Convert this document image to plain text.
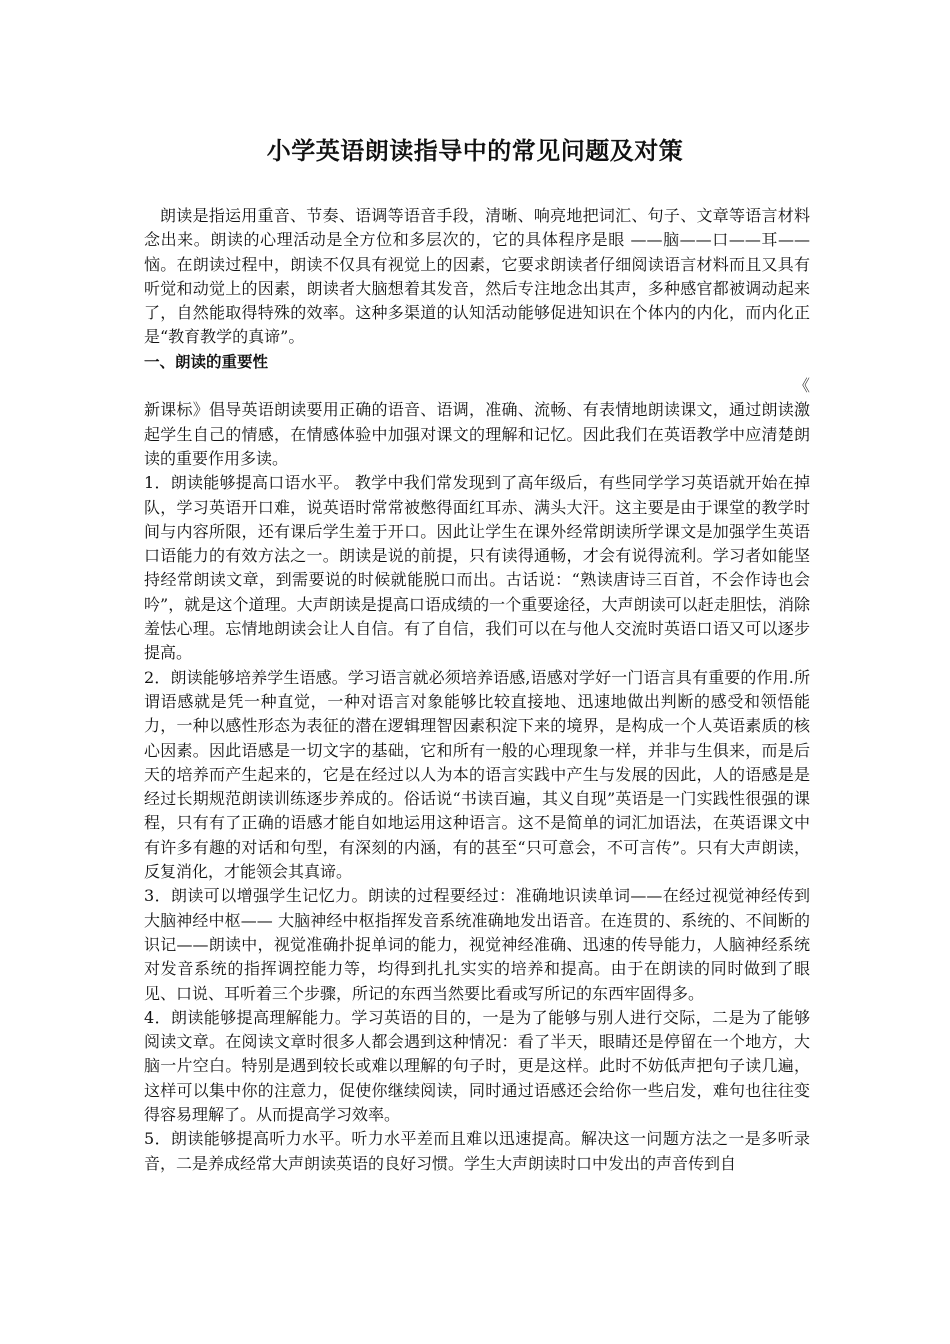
小学英语朗读指导中的常见问题及对策

朗读是指运用重音、节奏、语调等语音手段，清晰、响亮地把词汇、句子、文章等语言材料念出来。朗读的心理活动是全方位和多层次的，它的具体程序是眼 ——脑——口——耳——恼。在朗读过程中，朗读不仅具有视觉上的因素，它要求朗读者仔细阅读语言材料而且又具有听觉和动觉上的因素，朗读者大脑想着其发音，然后专注地念出其声，多种感官都被调动起来了，自然能取得特殊的效率。这种多渠道的认知活动能够促进知识在个体内的内化，而内化正是“教育教学的真谛”。

一、朗读的重要性

《

新课标》倡导英语朗读要用正确的语音、语调，准确、流畅、有表情地朗读课文，通过朗读激起学生自己的情感，在情感体验中加强对课文的理解和记忆。因此我们在英语教学中应清楚朗读的重要作用多读。

1．朗读能够提高口语水平。 教学中我们常发现到了高年级后，有些同学学习英语就开始在掉队，学习英语开口难，说英语时常常被憋得面红耳赤、满头大汗。这主要是由于课堂的教学时间与内容所限，还有课后学生羞于开口。因此让学生在课外经常朗读所学课文是加强学生英语口语能力的有效方法之一。朗读是说的前提，只有读得通畅，才会有说得流利。学习者如能坚持经常朗读文章，到需要说的时候就能脱口而出。古话说：“熟读唐诗三百首，不会作诗也会吟”，就是这个道理。大声朗读是提高口语成绩的一个重要途径，大声朗读可以赶走胆怯，消除羞怯心理。忘情地朗读会让人自信。有了自信，我们可以在与他人交流时英语口语又可以逐步提高。

2．朗读能够培养学生语感。学习语言就必须培养语感,语感对学好一门语言具有重要的作用.所谓语感就是凭一种直觉，一种对语言对象能够比较直接地、迅速地做出判断的感受和领悟能力，一种以感性形态为表征的潜在逻辑理智因素积淀下来的境界，是构成一个人英语素质的核心因素。因此语感是一切文字的基础，它和所有一般的心理现象一样，并非与生俱来，而是后天的培养而产生起来的，它是在经过以人为本的语言实践中产生与发展的因此，人的语感是是经过长期规范朗读训练逐步养成的。俗话说“书读百遍，其义自现”英语是一门实践性很强的课程，只有有了正确的语感才能自如地运用这种语言。这不是简单的词汇加语法，在英语课文中有许多有趣的对话和句型，有深刻的内涵，有的甚至“只可意会，不可言传”。只有大声朗读，反复消化，才能领会其真谛。

3．朗读可以增强学生记忆力。朗读的过程要经过：准确地识读单词——在经过视觉神经传到大脑神经中枢—— 大脑神经中枢指挥发音系统准确地发出语音。在连贯的、系统的、不间断的识记——朗读中，视觉准确扑捉单词的能力，视觉神经准确、迅速的传导能力，人脑神经系统对发音系统的指挥调控能力等，均得到扎扎实实的培养和提高。由于在朗读的同时做到了眼见、口说、耳听着三个步骤，所记的东西当然要比看或写所记的东西牢固得多。

4．朗读能够提高理解能力。学习英语的目的，一是为了能够与别人进行交际，二是为了能够阅读文章。在阅读文章时很多人都会遇到这种情况：看了半天，眼睛还是停留在一个地方，大脑一片空白。特别是遇到较长或难以理解的句子时，更是这样。此时不妨低声把句子读几遍，这样可以集中你的注意力，促使你继续阅读，同时通过语感还会给你一些启发，难句也往往变得容易理解了。从而提高学习效率。

5．朗读能够提高听力水平。听力水平差而且难以迅速提高。解决这一问题方法之一是多听录音，二是养成经常大声朗读英语的良好习惯。学生大声朗读时口中发出的声音传到自
